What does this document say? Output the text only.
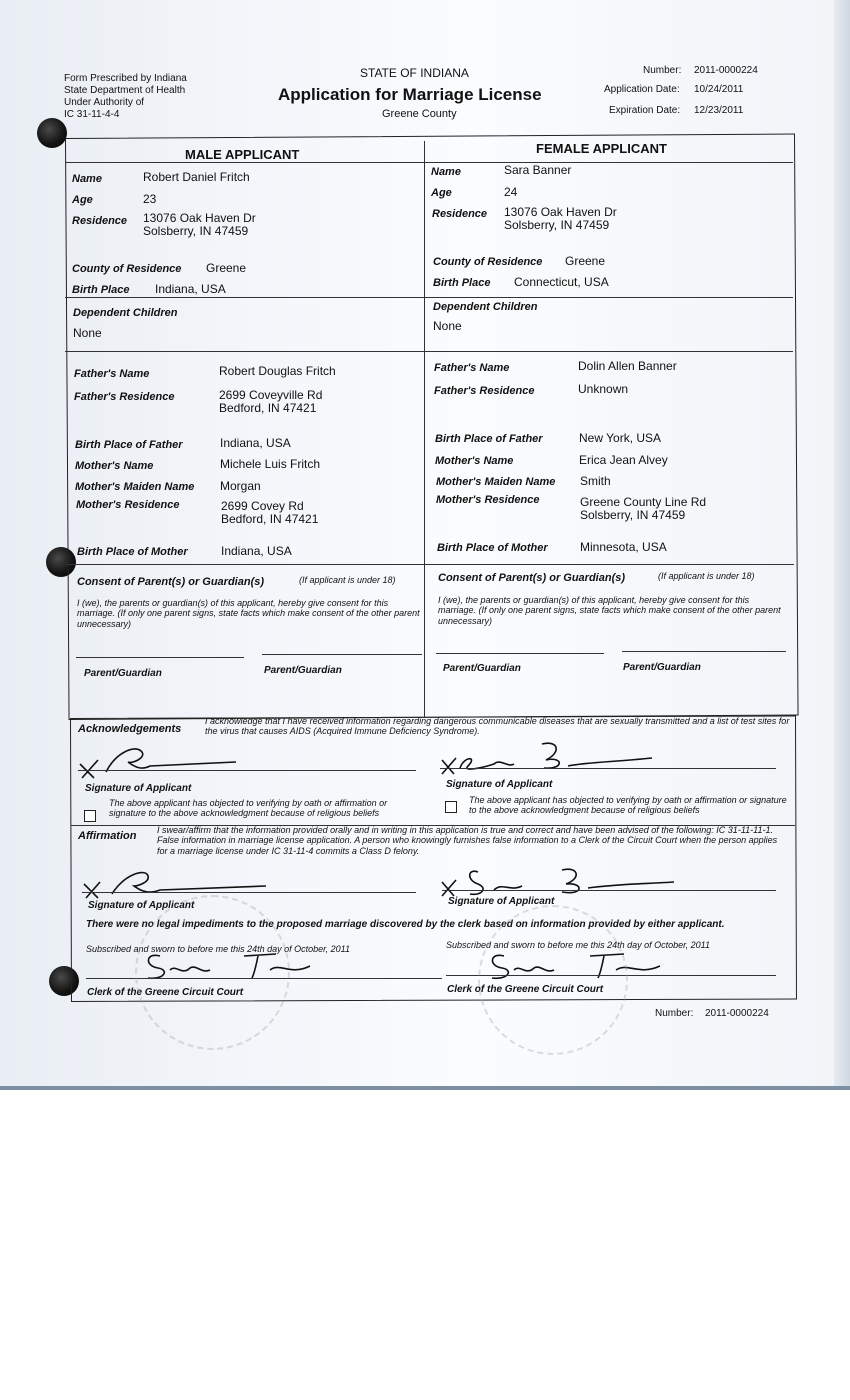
Form Prescribed by Indiana
State Department of Health
Under Authority of
IC 31-11-4-4
STATE OF INDIANA
Application for Marriage License
Greene County
Number: 2011-0000224
Application Date: 10/24/2011
Expiration Date: 12/23/2011
MALE APPLICANT
Name	Robert Daniel Fritch
Age	23
Residence 13076 Oak Haven Dr
Solsberry, IN 47459
County of Residence Greene
Birth Place Indiana, USA
Dependent Children
None
Father's Name	Robert Douglas Fritch
Father's Residence	2699 Coveyville Rd
Bedford, IN 47421
Birth Place of Father	Indiana, USA
Mother's Name	Michele Luis Fritch
Mother's Maiden Name Morgan
Mother's Residence	2699 Covey Rd
Bedford, IN 47421
Birth Place of Mother	Indiana, USA
FEMALE APPLICANT
Name	Sara Banner
Age	24
Residence 13076 Oak Haven Dr
Solsberry, IN 47459
County of Residence Greene
Birth Place Connecticut, USA
Dependent Children
None
Father's Name	Dolin Allen Banner
Father's Residence	Unknown
Birth Place of Father	New York, USA
Mother's Name	Erica Jean Alvey
Mother's Maiden Name Smith
Mother's Residence	Greene County Line Rd
Solsberry, IN 47459
Birth Place of Mother	Minnesota, USA
Consent of Parent(s) or Guardian(s)	(If applicant is under 18)
I (we), the parents or guardian(s) of this applicant, hereby give consent for this marriage. (If only one parent signs, state facts which make consent of the other parent unnecessary)
Parent/Guardian	Parent/Guardian
Consent of Parent(s) or Guardian(s)	(If applicant is under 18)
I (we), the parents or guardian(s) of this applicant, hereby give consent for this marriage. (If only one parent signs, state facts which make consent of the other parent unnecessary)
Parent/Guardian	Parent/Guardian
Acknowledgements
I acknowledge that I have received information regarding dangerous communicable diseases that are sexually transmitted and a list of test sites for the virus that causes AIDS (Acquired Immune Deficiency Syndrome).
Signature of Applicant
The above applicant has objected to verifying by oath or affirmation or signature to the above acknowledgment because of religious beliefs
Signature of Applicant
The above applicant has objected to verifying by oath or affirmation or signature to the above acknowledgment because of religious beliefs
Affirmation I swear/affirm that the information provided orally and in writing in this application is true and correct and have been advised of the following: IC 31-11-11-1. False information in marriage license application. A person who knowingly furnishes false information to a Clerk of the Circuit Court when the person applies for a marriage license under IC 31-11-4 commits a Class D felony.
Signature of Applicant	Signature of Applicant
There were no legal impediments to the proposed marriage discovered by the clerk based on information provided by either applicant.
Subscribed and sworn to before me this 24th day of October, 2011
Clerk of the Greene Circuit Court
Subscribed and sworn to before me this 24th day of October, 2011
Clerk of the Greene Circuit Court
Number: 2011-0000224
